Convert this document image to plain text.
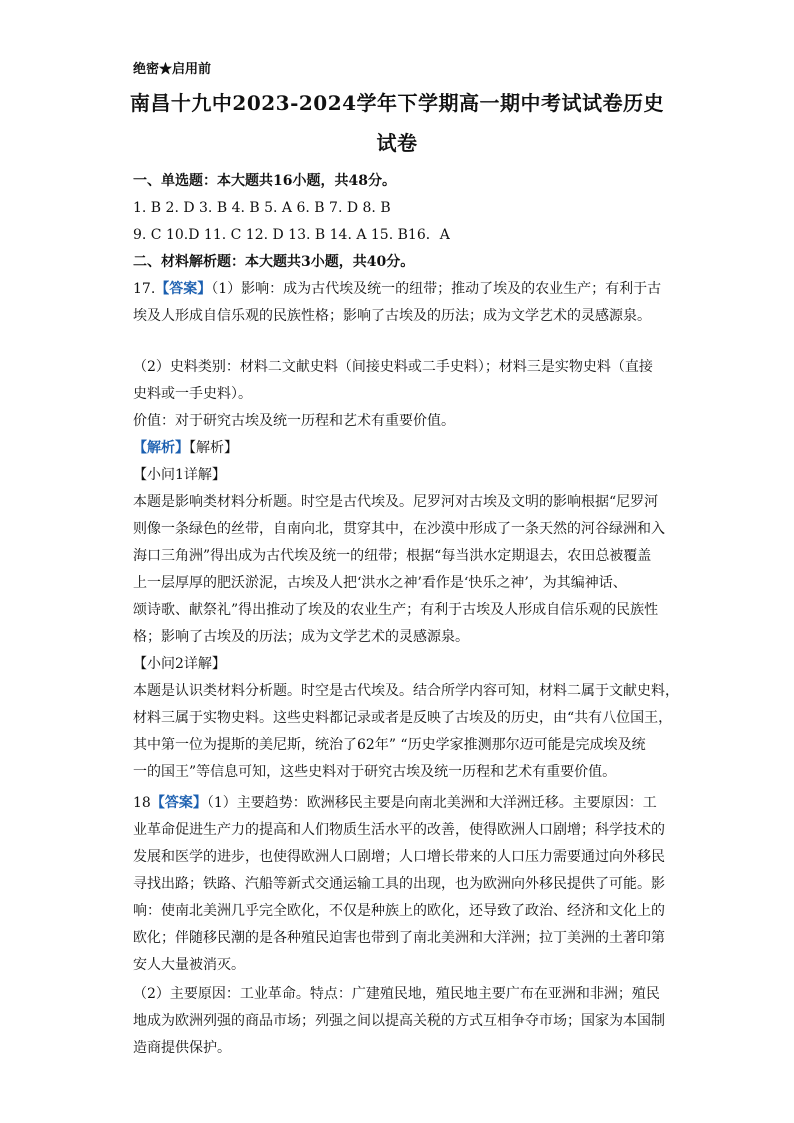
绝密★启用前
南昌十九中2023-2024学年下学期高一期中考试试卷历史
试卷
一、单选题：本大题共16小题，共48分。
1. B 2. D 3. B 4. B 5. A 6. B 7. D 8. B
9. C 10.D 11. C 12. D 13. B 14. A 15. B16．A
二、材料解析题：本大题共3小题，共40分。
17.【答案】（1）影响：成为古代埃及统一的纽带；推动了埃及的农业生产；有利于古
埃及人形成自信乐观的民族性格；影响了古埃及的历法；成为文学艺术的灵感源泉。
（2）史料类别：材料二文献史料（间接史料或二手史料）；材料三是实物史料（直接
史料或一手史料）。
价值：对于研究古埃及统一历程和艺术有重要价值。
【解析】【解析】
【小问1详解】
本题是影响类材料分析题。时空是古代埃及。尼罗河对古埃及文明的影响根据“尼罗河
则像一条绿色的丝带，自南向北，贯穿其中，在沙漠中形成了一条天然的河谷绿洲和入
海口三角洲”得出成为古代埃及统一的纽带；根据“每当洪水定期退去，农田总被覆盖
上一层厚厚的肥沃淤泥，古埃及人把‘洪水之神’看作是‘快乐之神’，为其编神话、
颂诗歌、献祭礼”得出推动了埃及的农业生产；有利于古埃及人形成自信乐观的民族性
格；影响了古埃及的历法；成为文学艺术的灵感源泉。
【小问2详解】
本题是认识类材料分析题。时空是古代埃及。结合所学内容可知，材料二属于文献史料，
材料三属于实物史料。这些史料都记录或者是反映了古埃及的历史，由“共有八位国王，
其中第一位为提斯的美尼斯，统治了62年” “历史学家推测那尔迈可能是完成埃及统
一的国王”等信息可知，这些史料对于研究古埃及统一历程和艺术有重要价值。
18【答案】（1）主要趋势：欧洲移民主要是向南北美洲和大洋洲迁移。主要原因：工
业革命促进生产力的提高和人们物质生活水平的改善，使得欧洲人口剧增；科学技术的
发展和医学的进步，也使得欧洲人口剧增；人口增长带来的人口压力需要通过向外移民
寻找出路；铁路、汽船等新式交通运输工具的出现，也为欧洲向外移民提供了可能。影
响：使南北美洲几乎完全欧化，不仅是种族上的欧化，还导致了政治、经济和文化上的
欧化；伴随移民潮的是各种殖民迫害也带到了南北美洲和大洋洲；拉丁美洲的土著印第
安人大量被消灭。
（2）主要原因：工业革命。特点：广建殖民地，殖民地主要广布在亚洲和非洲；殖民
地成为欧洲列强的商品市场；列强之间以提高关税的方式互相争夺市场；国家为本国制
造商提供保护。
